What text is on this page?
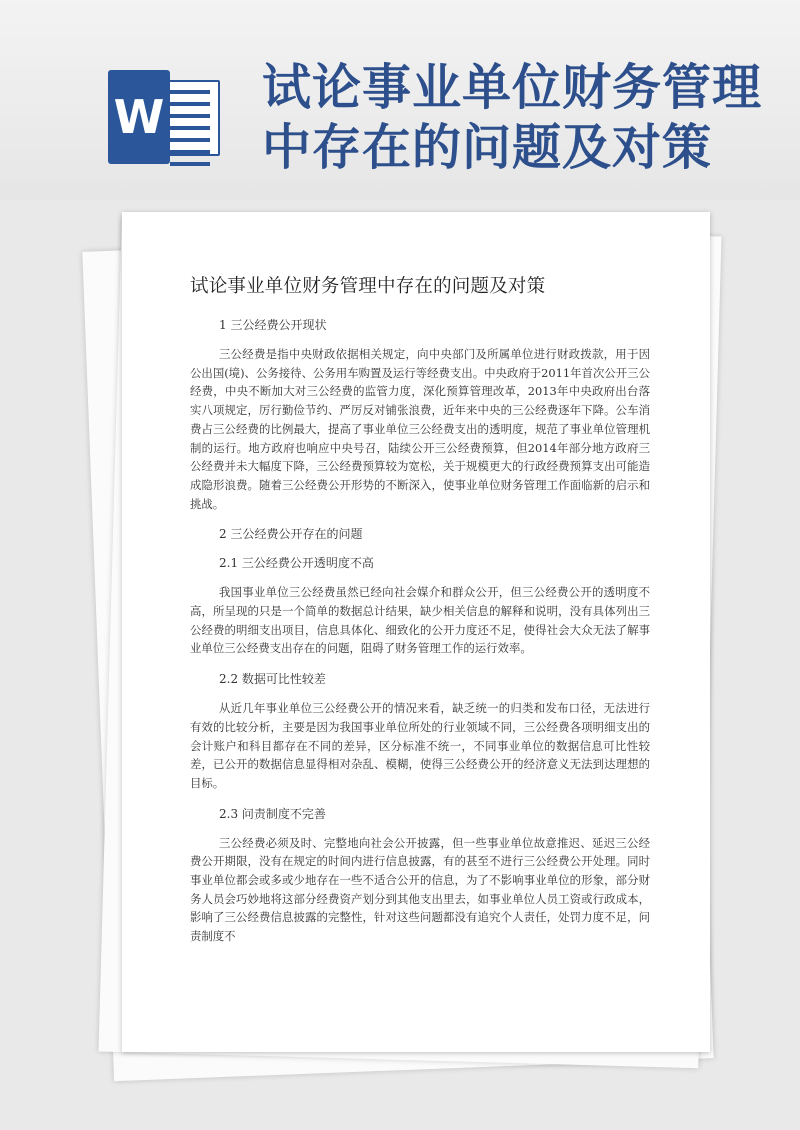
W
试论事业单位财务管理中存在的问题及对策
试论事业单位财务管理中存在的问题及对策
1 三公经费公开现状

三公经费是指中央财政依据相关规定，向中央部门及所属单位进行财政拨款，用于因公出国(境)、公务接待、公务用车购置及运行等经费支出。中央政府于2011年首次公开三公经费，中央不断加大对三公经费的监管力度，深化预算管理改革，2013年中央政府出台落实八项规定，厉行勤俭节约、严厉反对铺张浪费，近年来中央的三公经费逐年下降。公车消费占三公经费的比例最大，提高了事业单位三公经费支出的透明度，规范了事业单位管理机制的运行。地方政府也响应中央号召，陆续公开三公经费预算，但2014年部分地方政府三公经费并未大幅度下降，三公经费预算较为宽松，关于规模更大的行政经费预算支出可能造成隐形浪费。随着三公经费公开形势的不断深入，使事业单位财务管理工作面临新的启示和挑战。

2 三公经费公开存在的问题
2.1 三公经费公开透明度不高

我国事业单位三公经费虽然已经向社会媒介和群众公开，但三公经费公开的透明度不高，所呈现的只是一个简单的数据总计结果，缺少相关信息的解释和说明，没有具体列出三公经费的明细支出项目，信息具体化、细致化的公开力度还不足，使得社会大众无法了解事业单位三公经费支出存在的问题，阻碍了财务管理工作的运行效率。

2.2 数据可比性较差

从近几年事业单位三公经费公开的情况来看，缺乏统一的归类和发布口径，无法进行有效的比较分析，主要是因为我国事业单位所处的行业领域不同，三公经费各项明细支出的会计账户和科目都存在不同的差异，区分标准不统一，不同事业单位的数据信息可比性较差，已公开的数据信息显得相对杂乱、模糊，使得三公经费公开的经济意义无法到达理想的目标。

2.3 问责制度不完善

三公经费必须及时、完整地向社会公开披露，但一些事业单位故意推迟、延迟三公经费公开期限，没有在规定的时间内进行信息披露，有的甚至不进行三公经费公开处理。同时事业单位都会或多或少地存在一些不适合公开的信息，为了不影响事业单位的形象，部分财务人员会巧妙地将这部分经费资产划分到其他支出里去，如事业单位人员工资或行政成本，影响了三公经费信息披露的完整性，针对这些问题都没有追究个人责任，处罚力度不足，问责制度不
